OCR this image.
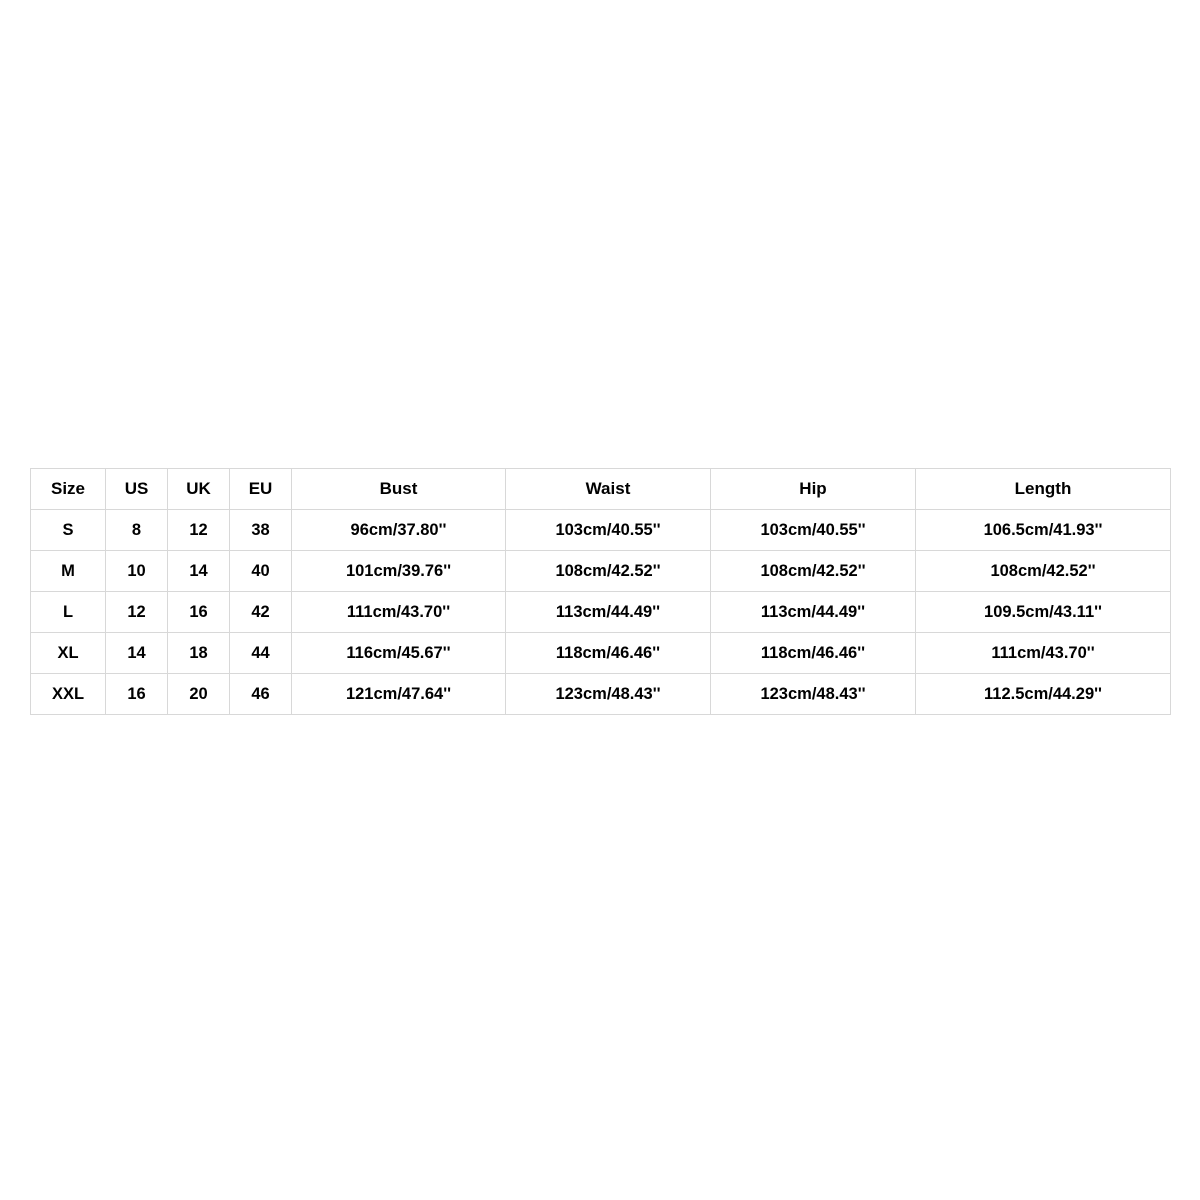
Size	US	UK	EU	Bust	Waist	Hip	Length
S	8	12	38	96cm/37.80''	103cm/40.55''	103cm/40.55''	106.5cm/41.93''
M	10	14	40	101cm/39.76''	108cm/42.52''	108cm/42.52''	108cm/42.52''
L	12	16	42	111cm/43.70''	113cm/44.49''	113cm/44.49''	109.5cm/43.11''
XL	14	18	44	116cm/45.67''	118cm/46.46''	118cm/46.46''	111cm/43.70''
XXL	16	20	46	121cm/47.64''	123cm/48.43''	123cm/48.43''	112.5cm/44.29''
